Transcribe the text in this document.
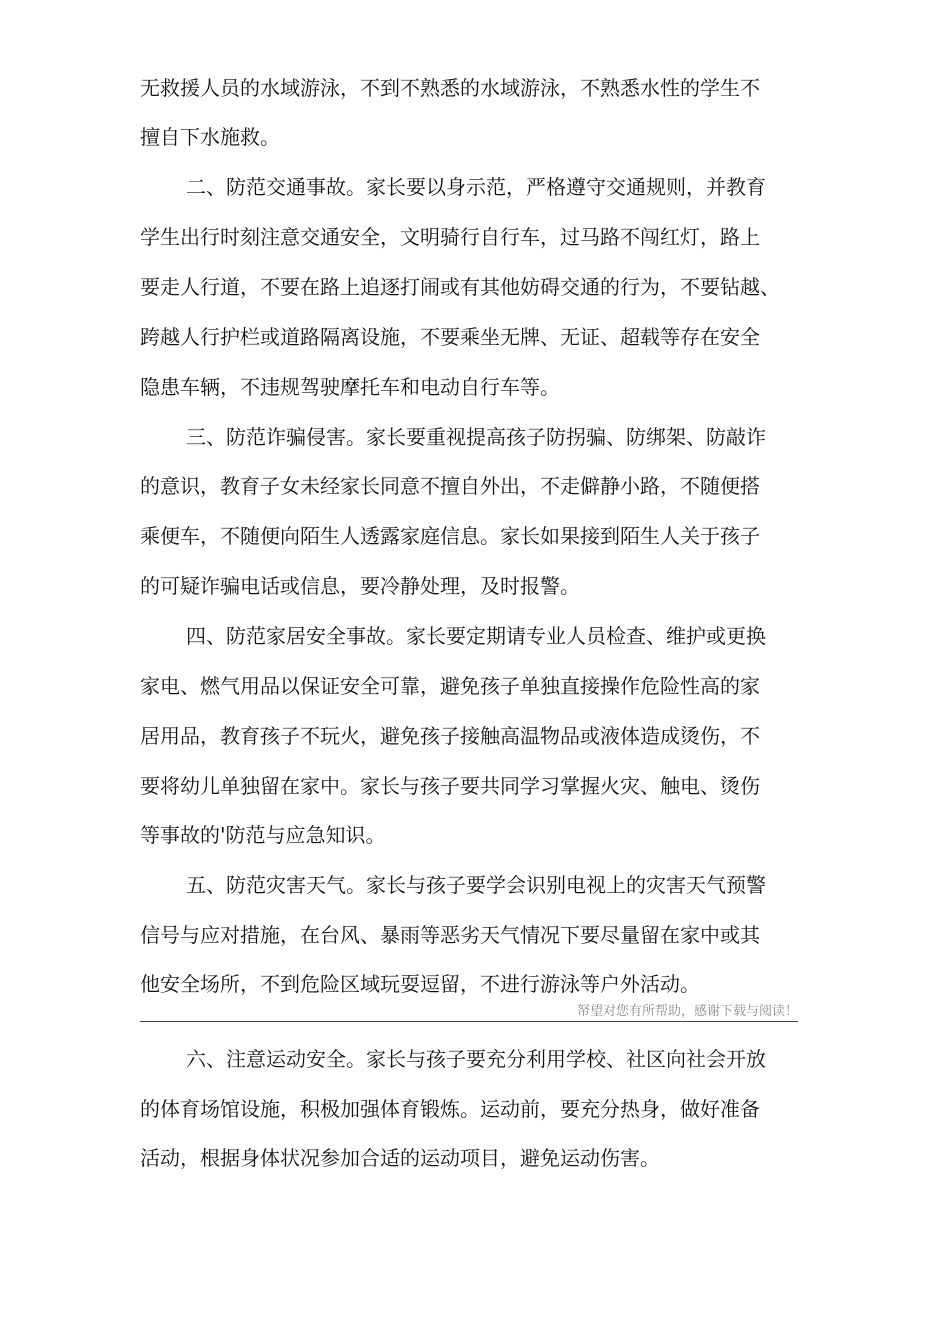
无救援人员的水域游泳，不到不熟悉的水域游泳，不熟悉水性的学生不
擅自下水施救。
二、防范交通事故。家长要以身示范，严格遵守交通规则，并教育
学生出行时刻注意交通安全，文明骑行自行车，过马路不闯红灯，路上
要走人行道，不要在路上追逐打闹或有其他妨碍交通的行为，不要钻越、
跨越人行护栏或道路隔离设施，不要乘坐无牌、无证、超载等存在安全
隐患车辆，不违规驾驶摩托车和电动自行车等。
三、防范诈骗侵害。家长要重视提高孩子防拐骗、防绑架、防敲诈
的意识，教育子女未经家长同意不擅自外出，不走僻静小路，不随便搭
乘便车，不随便向陌生人透露家庭信息。家长如果接到陌生人关于孩子
的可疑诈骗电话或信息，要冷静处理，及时报警。
四、防范家居安全事故。家长要定期请专业人员检查、维护或更换
家电、燃气用品以保证安全可靠，避免孩子单独直接操作危险性高的家
居用品，教育孩子不玩火，避免孩子接触高温物品或液体造成烫伤，不
要将幼儿单独留在家中。家长与孩子要共同学习掌握火灾、触电、烫伤
等事故的'防范与应急知识。
五、防范灾害天气。家长与孩子要学会识别电视上的灾害天气预警
信号与应对措施，在台风、暴雨等恶劣天气情况下要尽量留在家中或其
他安全场所，不到危险区域玩耍逗留，不进行游泳等户外活动。
帑望对您有所帮助，感谢下载与阅读！
六、注意运动安全。家长与孩子要充分利用学校、社区向社会开放
的体育场馆设施，积极加强体育锻炼。运动前，要充分热身，做好准备
活动，根据身体状况参加合适的运动项目，避免运动伤害。
